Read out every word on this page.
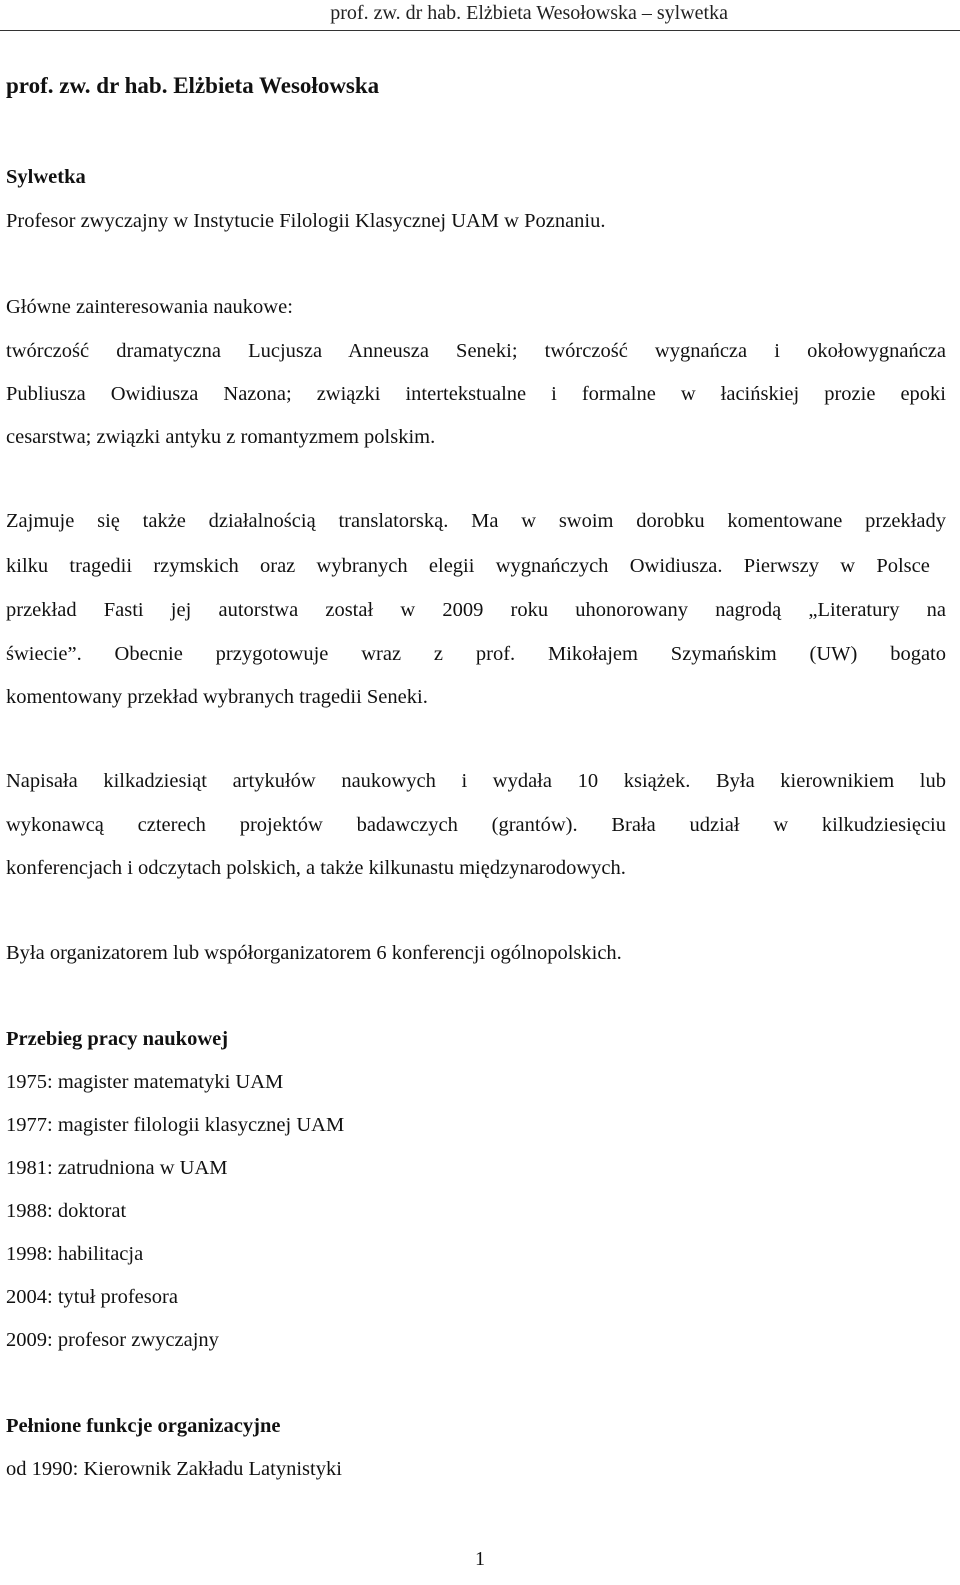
prof. zw. dr hab. Elżbieta Wesołowska – sylwetka
prof. zw. dr hab. Elżbieta Wesołowska
Sylwetka
Profesor zwyczajny w Instytucie Filologii Klasycznej UAM w Poznaniu.
Główne zainteresowania naukowe:
twórczość dramatyczna Lucjusza Anneusza Seneki; twórczość wygnańcza i okołowygnańcza
Publiusza Owidiusza Nazona; związki intertekstualne i formalne w łacińskiej prozie epoki
cesarstwa; związki antyku z romantyzmem polskim.
Zajmuje się także działalnością translatorską. Ma w swoim dorobku komentowane przekłady
kilku tragedii rzymskich oraz wybranych elegii wygnańczych Owidiusza. Pierwszy w Polsce
przekład Fasti jej autorstwa został w 2009 roku uhonorowany nagrodą „Literatury na
świecie”. Obecnie przygotowuje wraz z prof. Mikołajem Szymańskim (UW) bogato
komentowany przekład wybranych tragedii Seneki.
Napisała kilkadziesiąt artykułów naukowych i wydała 10 książek. Była kierownikiem lub
wykonawcą czterech projektów badawczych (grantów). Brała udział w kilkudziesięciu
konferencjach i odczytach polskich, a także kilkunastu międzynarodowych.
Była organizatorem lub współorganizatorem 6 konferencji ogólnopolskich.
Przebieg pracy naukowej
1975: magister matematyki UAM
1977: magister filologii klasycznej UAM
1981: zatrudniona w UAM
1988: doktorat
1998: habilitacja
2004: tytuł profesora
2009: profesor zwyczajny
Pełnione funkcje organizacyjne
od 1990: Kierownik Zakładu Latynistyki
1
